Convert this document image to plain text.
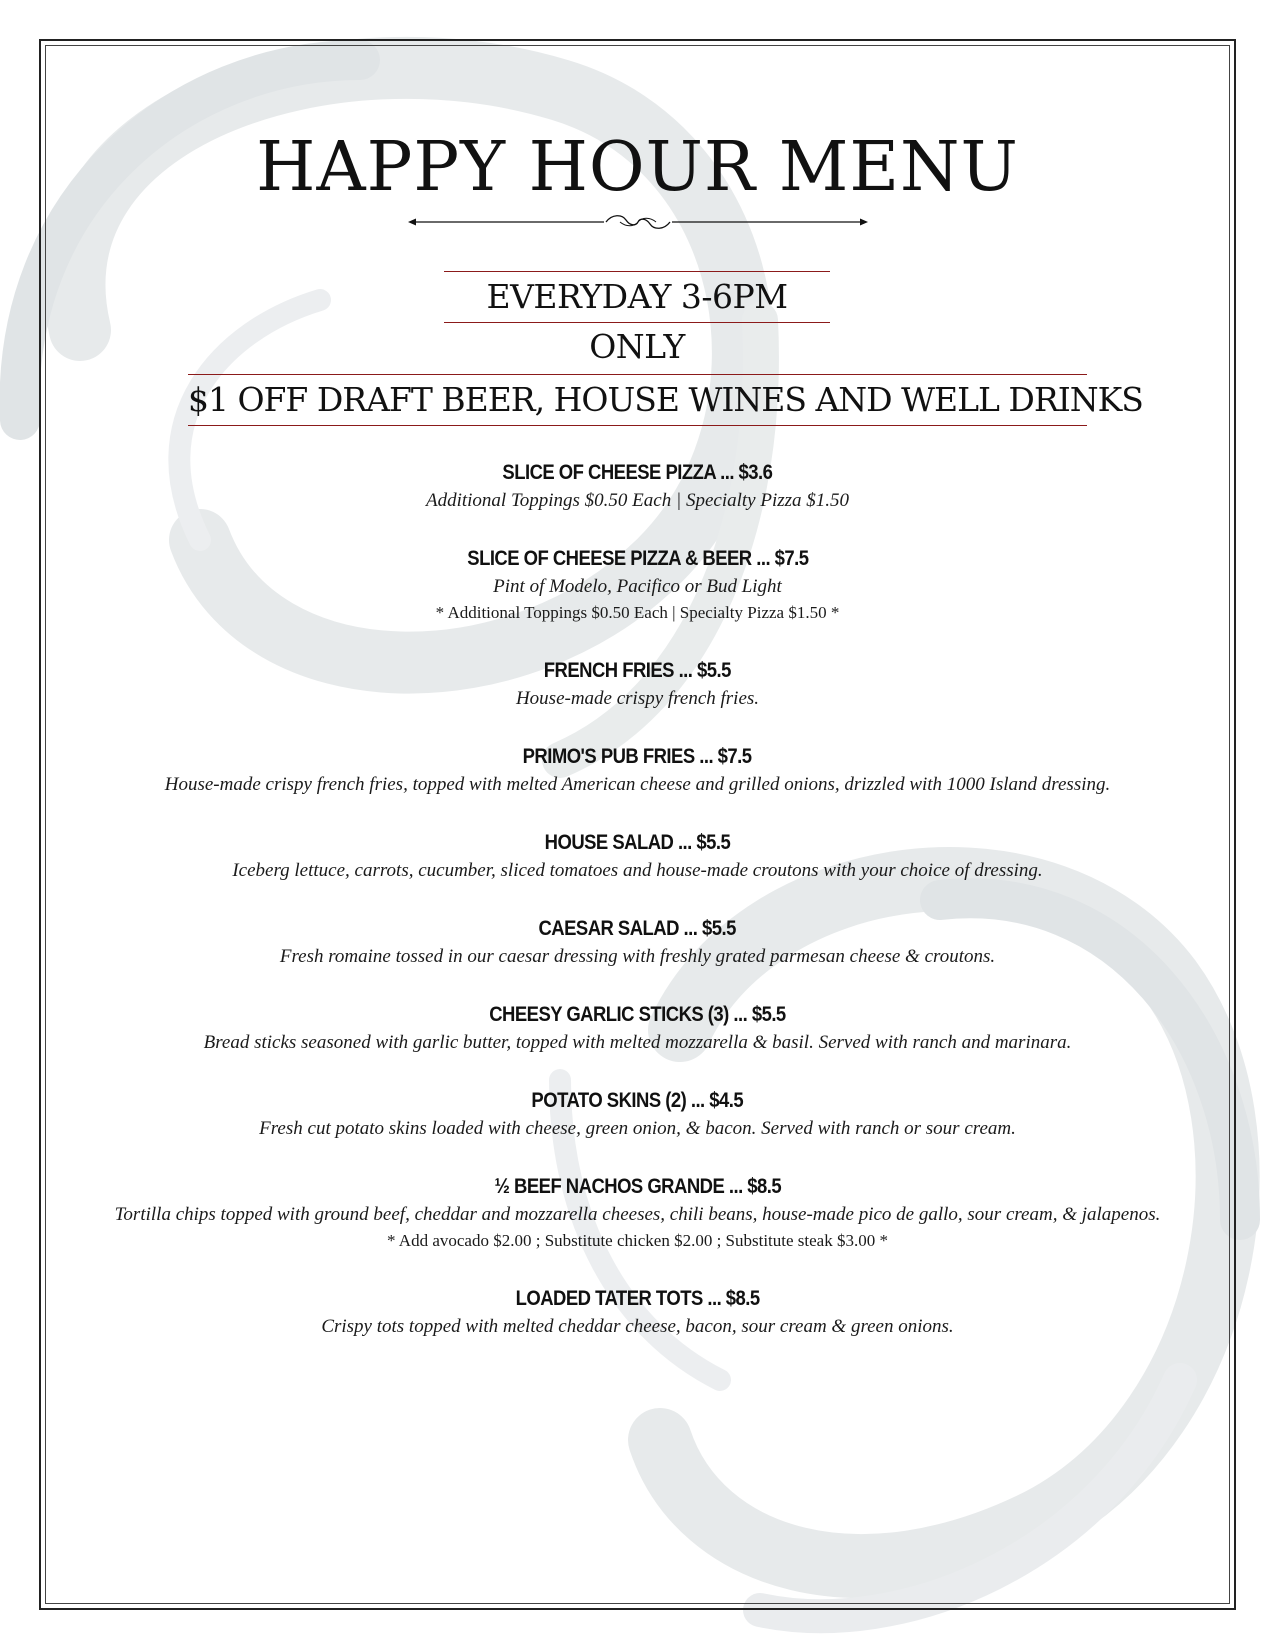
HAPPY HOUR MENU
EVERYDAY 3-6PM ONLY
$1 OFF DRAFT BEER, HOUSE WINES AND WELL DRINKS
SLICE OF CHEESE PIZZA ... $3.6
Additional Toppings $0.50 Each | Specialty Pizza $1.50
SLICE OF CHEESE PIZZA & BEER ... $7.5
Pint of Modelo, Pacifico or Bud Light
* Additional Toppings $0.50 Each | Specialty Pizza $1.50 *
FRENCH FRIES ... $5.5
House-made crispy french fries.
PRIMO'S PUB FRIES ... $7.5
House-made crispy french fries, topped with melted American cheese and grilled onions, drizzled with 1000 Island dressing.
HOUSE SALAD ... $5.5
Iceberg lettuce, carrots, cucumber, sliced tomatoes and house-made croutons with your choice of dressing.
CAESAR SALAD ... $5.5
Fresh romaine tossed in our caesar dressing with freshly grated parmesan cheese & croutons.
CHEESY GARLIC STICKS (3) ... $5.5
Bread sticks seasoned with garlic butter, topped with melted mozzarella & basil. Served with ranch and marinara.
POTATO SKINS (2) ... $4.5
Fresh cut potato skins loaded with cheese, green onion, & bacon. Served with ranch or sour cream.
½ BEEF NACHOS GRANDE ... $8.5
Tortilla chips topped with ground beef, cheddar and mozzarella cheeses, chili beans, house-made pico de gallo, sour cream, & jalapenos.
* Add avocado $2.00 ; Substitute chicken $2.00 ; Substitute steak $3.00 *
LOADED TATER TOTS ... $8.5
Crispy tots topped with melted cheddar cheese, bacon, sour cream & green onions.
